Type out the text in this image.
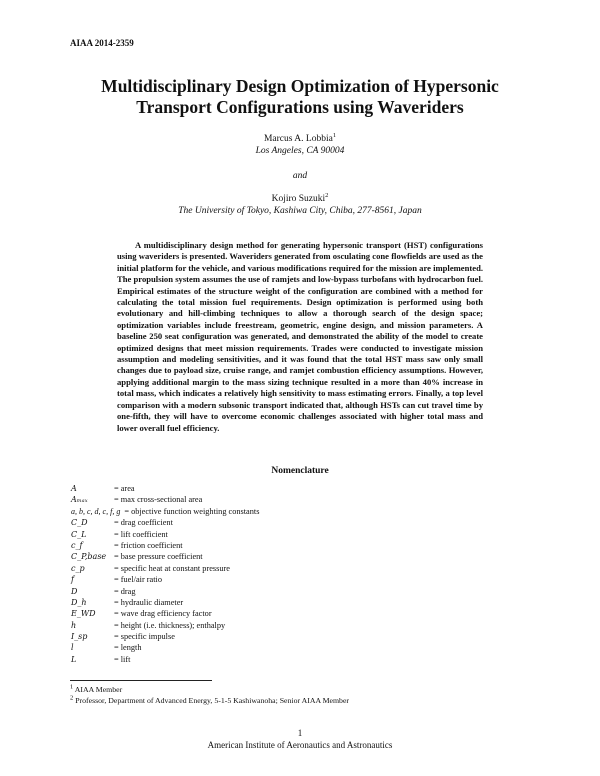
AIAA 2014-2359
Multidisciplinary Design Optimization of Hypersonic
Transport Configurations using Waveriders
Marcus A. Lobbia$^1$
Los Angeles, CA 90004
and
Kojiro Suzuki$^2$
The University of Tokyo, Kashiwa City, Chiba, 277-8561, Japan
A multidisciplinary design method for generating hypersonic transport (HST) configurations using waveriders is presented. Waveriders generated from osculating cone flowfields are used as the initial platform for the vehicle, and various modifications required for the mission are implemented. The propulsion system assumes the use of ramjets and low-bypass turbofans with hydrocarbon fuel. Empirical estimates of the structure weight of the configuration are combined with a method for calculating the total mission fuel requirements. Design optimization is performed using both evolutionary and hill-climbing techniques to allow a thorough search of the design space; optimization variables include freestream, geometric, engine design, and mission parameters. A baseline 250 seat configuration was generated, and demonstrated the ability of the model to create optimized designs that meet mission requirements. Trades were conducted to investigate mission assumption and modeling sensitivities, and it was found that the total HST mass saw only small changes due to payload size, cruise range, and ramjet combustion efficiency assumptions. However, applying additional margin to the mass sizing technique resulted in a more than 40% increase in total mass, which indicates a relatively high sensitivity to mass estimating errors. Finally, a top level comparison with a modern subsonic transport indicated that, although HSTs can cut travel time by one-fifth, they will have to overcome economic challenges associated with higher total mass and lower overall fuel efficiency.
Nomenclature
A	= area
Aₘₐₓ	= max cross-sectional area
a, b, c, d, c, f, g = objective function weighting constants
C_D	= drag coefficient
C_L	= lift coefficient
c_f	= friction coefficient
C_P,base = base pressure coefficient
c_p	= specific heat at constant pressure
f	= fuel/air ratio
D	= drag
D_h	= hydraulic diameter
E_WD	= wave drag efficiency factor
h	= height (i.e. thickness); enthalpy
I_sp	= specific impulse
l	= length
L	= lift
$^1$ AIAA Member
$^2$ Professor, Department of Advanced Energy, 5-1-5 Kashiwanoha; Senior AIAA Member
1
American Institute of Aeronautics and Astronautics
